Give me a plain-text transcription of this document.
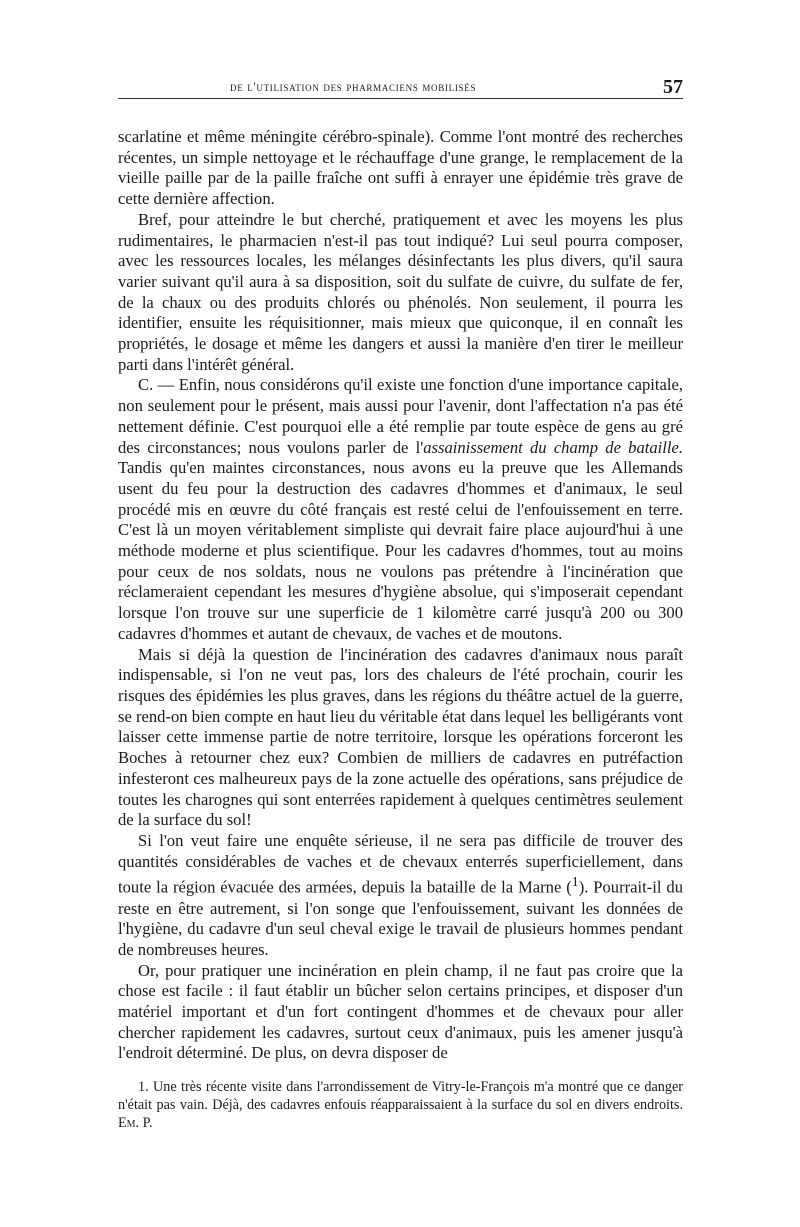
de l'utilisation des pharmaciens mobilisés	57

scarlatine et même méningite cérébro-spinale). Comme l'ont montré des recherches récentes, un simple nettoyage et le réchauffage d'une grange, le remplacement de la vieille paille par de la paille fraîche ont suffi à enrayer une épidémie très grave de cette dernière affection.

Bref, pour atteindre le but cherché, pratiquement et avec les moyens les plus rudimentaires, le pharmacien n'est-il pas tout indiqué? Lui seul pourra composer, avec les ressources locales, les mélanges désinfectants les plus divers, qu'il saura varier suivant qu'il aura à sa disposition, soit du sulfate de cuivre, du sulfate de fer, de la chaux ou des produits chlorés ou phénolés. Non seulement, il pourra les identifier, ensuite les réquisitionner, mais mieux que quiconque, il en connaît les propriétés, le dosage et même les dangers et aussi la manière d'en tirer le meilleur parti dans l'intérêt général.

C. — Enfin, nous considérons qu'il existe une fonction d'une importance capitale, non seulement pour le présent, mais aussi pour l'avenir, dont l'affectation n'a pas été nettement définie. C'est pourquoi elle a été remplie par toute espèce de gens au gré des circonstances; nous voulons parler de l'assainissement du champ de bataille. Tandis qu'en maintes circonstances, nous avons eu la preuve que les Allemands usent du feu pour la destruction des cadavres d'hommes et d'animaux, le seul procédé mis en œuvre du côté français est resté celui de l'enfouissement en terre. C'est là un moyen véritablement simpliste qui devrait faire place aujourd'hui à une méthode moderne et plus scientifique. Pour les cadavres d'hommes, tout au moins pour ceux de nos soldats, nous ne voulons pas prétendre à l'incinération que réclameraient cependant les mesures d'hygiène absolue, qui s'imposerait cependant lorsque l'on trouve sur une superficie de 1 kilomètre carré jusqu'à 200 ou 300 cadavres d'hommes et autant de chevaux, de vaches et de moutons.

Mais si déjà la question de l'incinération des cadavres d'animaux nous paraît indispensable, si l'on ne veut pas, lors des chaleurs de l'été prochain, courir les risques des épidémies les plus graves, dans les régions du théâtre actuel de la guerre, se rend-on bien compte en haut lieu du véritable état dans lequel les belligérants vont laisser cette immense partie de notre territoire, lorsque les opérations forceront les Boches à retourner chez eux? Combien de milliers de cadavres en putréfaction infesteront ces malheureux pays de la zone actuelle des opérations, sans préjudice de toutes les charognes qui sont enterrées rapidement à quelques centimètres seulement de la surface du sol!

Si l'on veut faire une enquête sérieuse, il ne sera pas difficile de trouver des quantités considérables de vaches et de chevaux enterrés superficiellement, dans toute la région évacuée des armées, depuis la bataille de la Marne ($^1$). Pourrait-il du reste en être autrement, si l'on songe que l'enfouissement, suivant les données de l'hygiène, du cadavre d'un seul cheval exige le travail de plusieurs hommes pendant de nombreuses heures.

Or, pour pratiquer une incinération en plein champ, il ne faut pas croire que la chose est facile : il faut établir un bûcher selon certains principes, et disposer d'un matériel important et d'un fort contingent d'hommes et de chevaux pour aller chercher rapidement les cadavres, surtout ceux d'animaux, puis les amener jusqu'à l'endroit déterminé. De plus, on devra disposer de

1. Une très récente visite dans l'arrondissement de Vitry-le-François m'a montré que ce danger n'était pas vain. Déjà, des cadavres enfouis réapparaissaient à la surface du sol en divers endroits. Em. P.
